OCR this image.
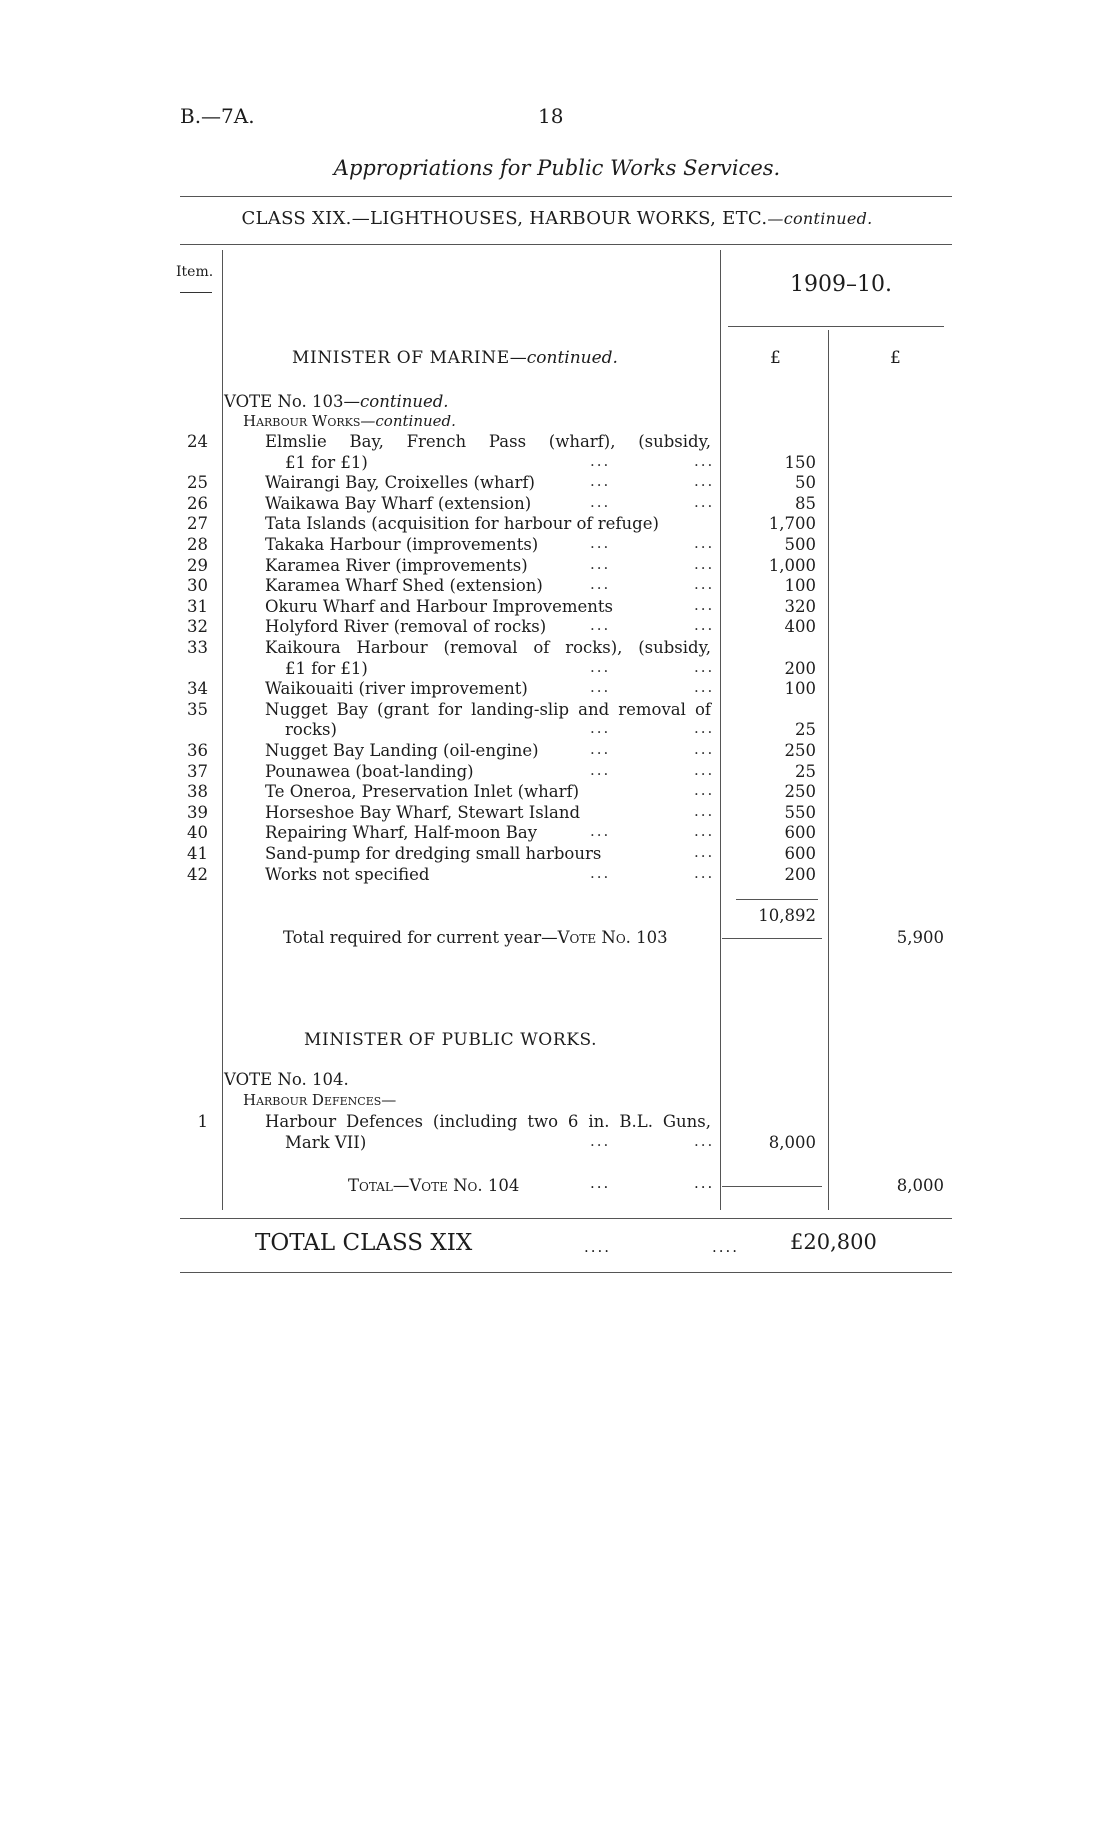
B.—7A.	18
Appropriations for Public Works Services.
CLASS XIX.—LIGHTHOUSES, HARBOUR WORKS, ETC.—continued.
Item.	1909–10.
£	£
MINISTER OF MARINE—continued.
VOTE No. 103—continued.
Harbour Works—continued.
24	Elmslie Bay, French Pass (wharf), (subsidy,
£1 for £1)	...	...	150
25	Wairangi Bay, Croixelles (wharf)	...	...	50
26	Waikawa Bay Wharf (extension)	...	...	85
27	Tata Islands (acquisition for harbour of refuge)	1,700
28	Takaka Harbour (improvements)	...	...	500
29	Karamea River (improvements)	...	...	1,000
30	Karamea Wharf Shed (extension)	...	...	100
31	Okuru Wharf and Harbour Improvements	...	320
32	Holyford River (removal of rocks)	...	...	400
33	Kaikoura Harbour (removal of rocks), (subsidy,
£1 for £1)	...	...	200
34	Waikouaiti (river improvement)	...	...	100
35	Nugget Bay (grant for landing-slip and removal of
rocks)	...	...	25
36	Nugget Bay Landing (oil-engine)	...	...	250
37	Pounawea (boat-landing)	...	...	25
38	Te Oneroa, Preservation Inlet (wharf)	...	250
39	Horseshoe Bay Wharf, Stewart Island	...	550
40	Repairing Wharf, Half-moon Bay	...	...	600
41	Sand-pump for dredging small harbours	...	600
42	Works not specified	...	...	200
10,892
Total required for current year—Vote No. 103	5,900
MINISTER OF PUBLIC WORKS.
VOTE No. 104.
Harbour Defences—
1	Harbour Defences (including two 6 in. B.L. Guns,
Mark VII)	...	...	8,000
Total—Vote No. 104	...	...	8,000
TOTAL CLASS XIX	....	.... £20,800
